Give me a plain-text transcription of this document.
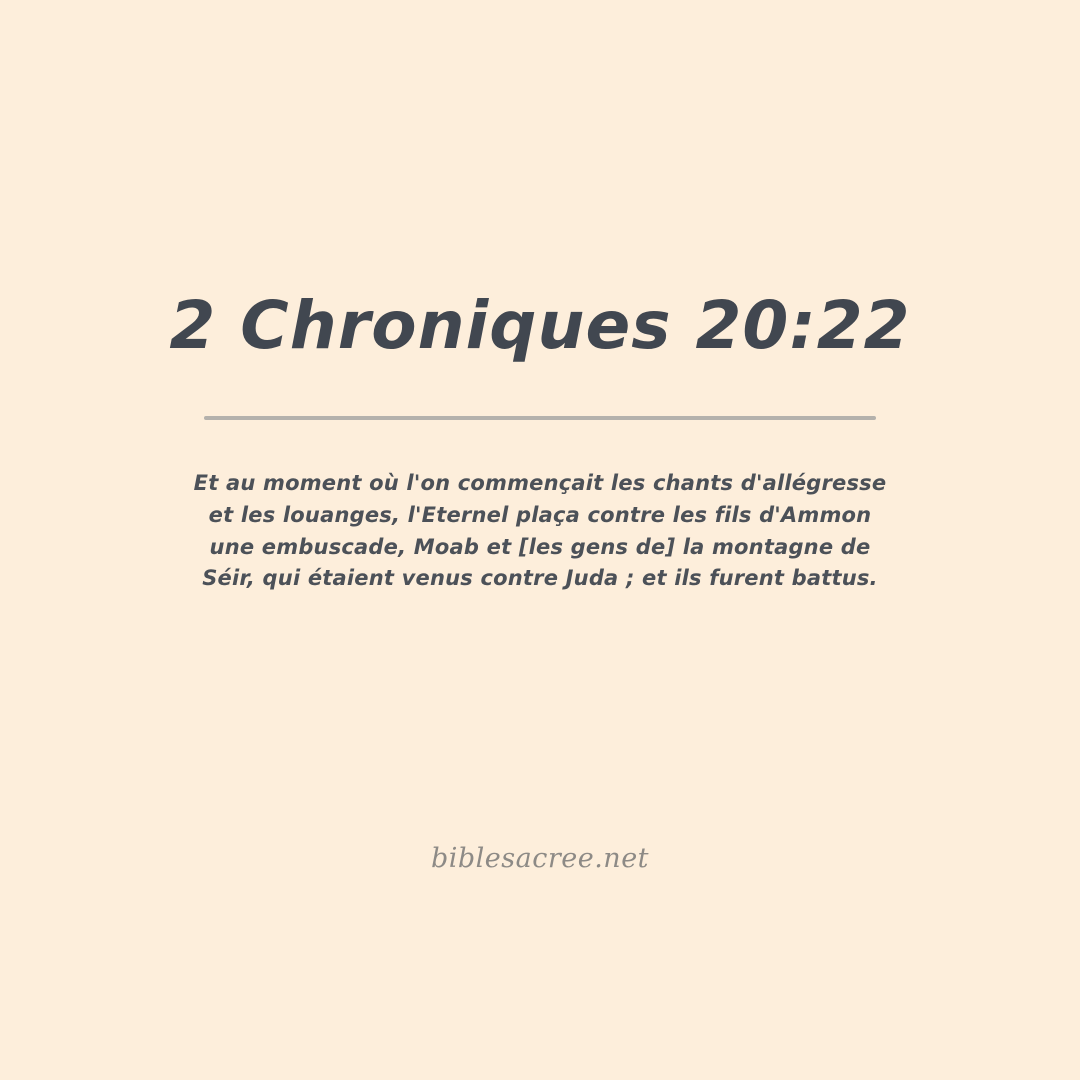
2 Chroniques 20:22
Et au moment où l'on commençait les chants d'allégresse et les louanges, l'Eternel plaça contre les fils d'Ammon une embuscade, Moab et [les gens de] la montagne de Séir, qui étaient venus contre Juda ; et ils furent battus.
biblesacree.net
